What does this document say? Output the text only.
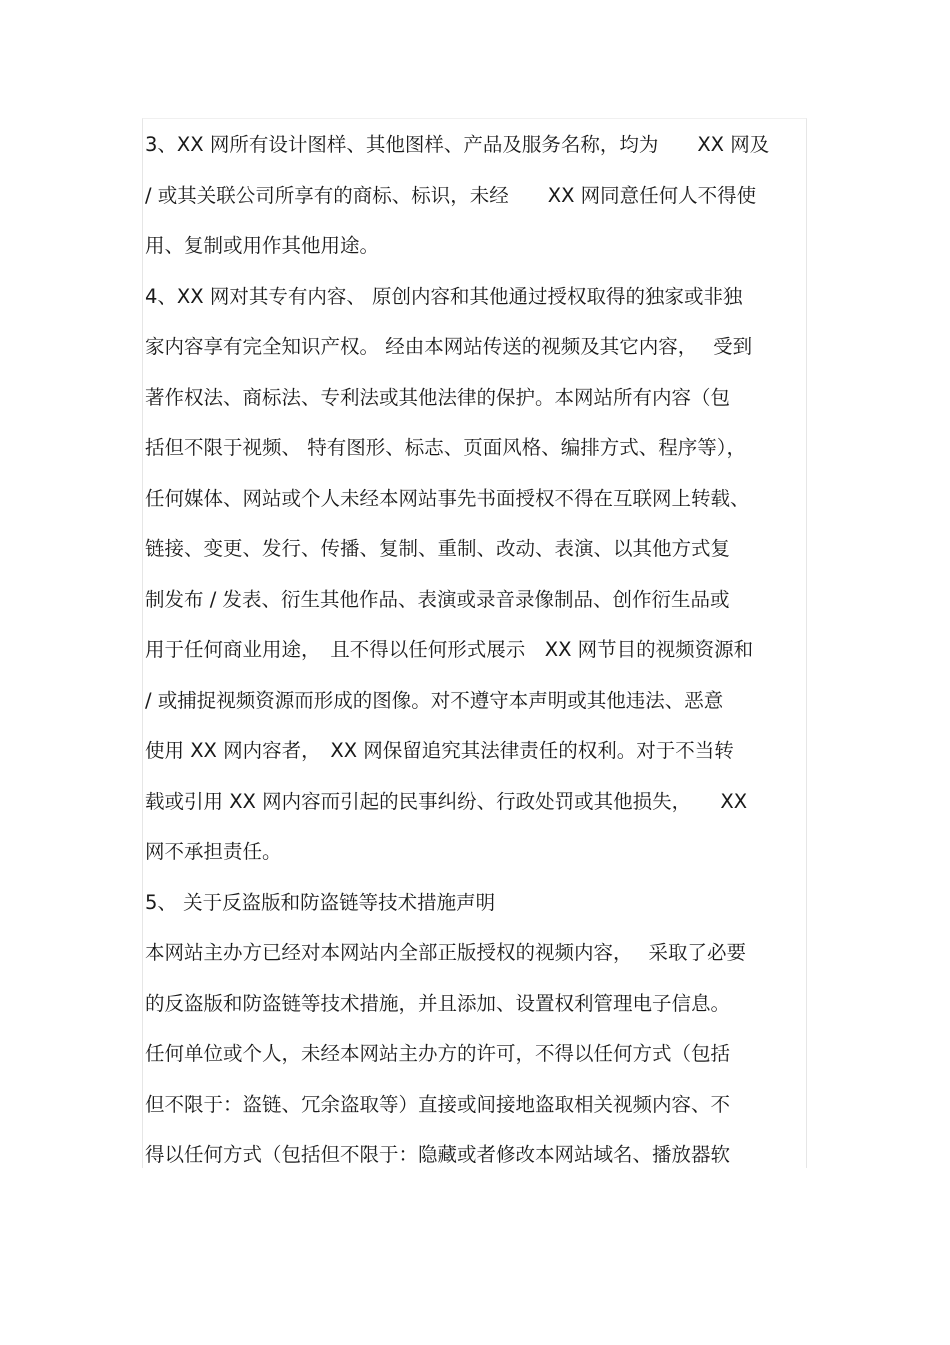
3、XX 网所有设计图样、其他图样、产品及服务名称，均为　　XX 网及
/ 或其关联公司所享有的商标、标识，未经　　XX 网同意任何人不得使
用、复制或用作其他用途。
4、XX 网对其专有内容、 原创内容和其他通过授权取得的独家或非独
家内容享有完全知识产权。 经由本网站传送的视频及其它内容，　 受到
著作权法、商标法、专利法或其他法律的保护。本网站所有内容（包
括但不限于视频、 特有图形、标志、页面风格、编排方式、程序等），
任何媒体、网站或个人未经本网站事先书面授权不得在互联网上转载、
链接、变更、发行、传播、复制、重制、改动、表演、以其他方式复
制发布 / 发表、衍生其他作品、表演或录音录像制品、创作衍生品或
用于任何商业用途，　且不得以任何形式展示　XX 网节目的视频资源和
/ 或捕捉视频资源而形成的图像。对不遵守本声明或其他违法、恶意
使用 XX 网内容者，　XX 网保留追究其法律责任的权利。对于不当转
载或引用 XX 网内容而引起的民事纠纷、行政处罚或其他损失，　　XX
网不承担责任。
5、 关于反盗版和防盗链等技术措施声明
本网站主办方已经对本网站内全部正版授权的视频内容，　 采取了必要
的反盗版和防盗链等技术措施，并且添加、设置权利管理电子信息。
任何单位或个人，未经本网站主办方的许可，不得以任何方式（包括
但不限于：盗链、冗余盗取等）直接或间接地盗取相关视频内容、不
得以任何方式（包括但不限于：隐藏或者修改本网站域名、播放器软
